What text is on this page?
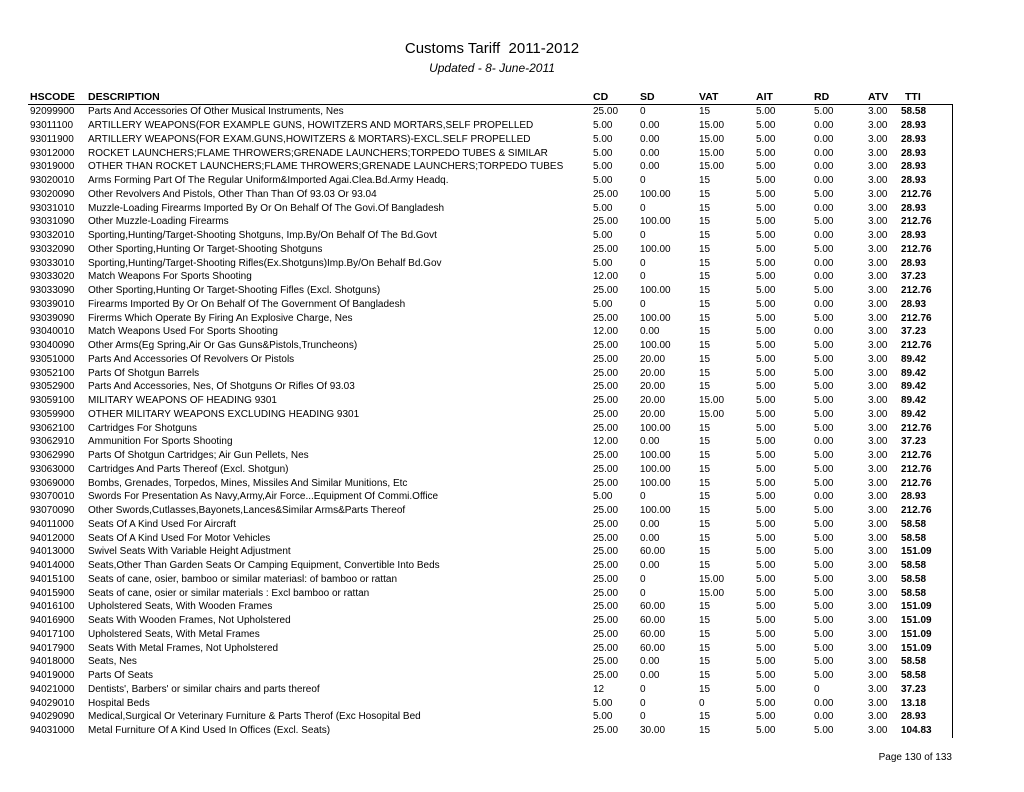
Customs Tariff  2011-2012
Updated - 8- June-2011
HSCODE	DESCRIPTION	CD	SD	VAT	AIT	RD	ATV	TTI
92099900	Parts And Accessories Of Other Musical Instruments, Nes	25.00	0	15	5.00	5.00	3.00	58.58
93011100	ARTILLERY WEAPONS(FOR EXAMPLE GUNS, HOWITZERS AND MORTARS,SELF PROPELLED	5.00	0.00	15.00	5.00	0.00	3.00	28.93
93011900	ARTILLERY WEAPONS(FOR EXAM.GUNS,HOWITZERS & MORTARS)-EXCL.SELF PROPELLED	5.00	0.00	15.00	5.00	0.00	3.00	28.93
93012000	ROCKET LAUNCHERS;FLAME THROWERS;GRENADE LAUNCHERS;TORPEDO TUBES & SIMILAR	5.00	0.00	15.00	5.00	0.00	3.00	28.93
93019000	OTHER THAN ROCKET LAUNCHERS;FLAME THROWERS;GRENADE LAUNCHERS;TORPEDO TUBES	5.00	0.00	15.00	5.00	0.00	3.00	28.93
93020010	Arms Forming Part Of The Regular Uniform&Imported Agai.Clea.Bd.Army Headq.	5.00	0	15	5.00	0.00	3.00	28.93
93020090	Other Revolvers And Pistols, Other Than Than Of 93.03 Or 93.04	25.00	100.00	15	5.00	5.00	3.00	212.76
93031010	Muzzle-Loading Firearms Imported By Or On Behalf Of The Govi.Of Bangladesh	5.00	0	15	5.00	0.00	3.00	28.93
93031090	Other Muzzle-Loading Firearms	25.00	100.00	15	5.00	5.00	3.00	212.76
93032010	Sporting,Hunting/Target-Shooting Shotguns, Imp.By/On Behalf Of The Bd.Govt	5.00	0	15	5.00	0.00	3.00	28.93
93032090	Other Sporting,Hunting Or Target-Shooting Shotguns	25.00	100.00	15	5.00	5.00	3.00	212.76
93033010	Sporting,Hunting/Target-Shooting Rifles(Ex.Shotguns)Imp.By/On Behalf Bd.Gov	5.00	0	15	5.00	0.00	3.00	28.93
93033020	Match Weapons For Sports Shooting	12.00	0	15	5.00	0.00	3.00	37.23
93033090	Other Sporting,Hunting Or Target-Shooting Fifles (Excl. Shotguns)	25.00	100.00	15	5.00	5.00	3.00	212.76
93039010	Firearms Imported By Or On Behalf Of The Government Of Bangladesh	5.00	0	15	5.00	0.00	3.00	28.93
93039090	Firerms Which Operate By Firing An Explosive Charge, Nes	25.00	100.00	15	5.00	5.00	3.00	212.76
93040010	Match Weapons Used For Sports Shooting	12.00	0.00	15	5.00	0.00	3.00	37.23
93040090	Other Arms(Eg Spring,Air Or Gas Guns&Pistols,Truncheons)	25.00	100.00	15	5.00	5.00	3.00	212.76
93051000	Parts And Accessories Of Revolvers Or Pistols	25.00	20.00	15	5.00	5.00	3.00	89.42
93052100	Parts Of Shotgun Barrels	25.00	20.00	15	5.00	5.00	3.00	89.42
93052900	Parts And Accessories, Nes, Of Shotguns Or Rifles Of 93.03	25.00	20.00	15	5.00	5.00	3.00	89.42
93059100	MILITARY WEAPONS OF HEADING 9301	25.00	20.00	15.00	5.00	5.00	3.00	89.42
93059900	OTHER MILITARY WEAPONS EXCLUDING HEADING 9301	25.00	20.00	15.00	5.00	5.00	3.00	89.42
93062100	Cartridges For Shotguns	25.00	100.00	15	5.00	5.00	3.00	212.76
93062910	Ammunition For Sports Shooting	12.00	0.00	15	5.00	0.00	3.00	37.23
93062990	Parts Of Shotgun Cartridges; Air Gun Pellets, Nes	25.00	100.00	15	5.00	5.00	3.00	212.76
93063000	Cartridges And Parts Thereof (Excl. Shotgun)	25.00	100.00	15	5.00	5.00	3.00	212.76
93069000	Bombs, Grenades, Torpedos, Mines, Missiles And Similar Munitions, Etc	25.00	100.00	15	5.00	5.00	3.00	212.76
93070010	Swords For Presentation As Navy,Army,Air Force...Equipment Of Commi.Office	5.00	0	15	5.00	0.00	3.00	28.93
93070090	Other Swords,Cutlasses,Bayonets,Lances&Similar Arms&Parts Thereof	25.00	100.00	15	5.00	5.00	3.00	212.76
94011000	Seats Of A Kind Used For Aircraft	25.00	0.00	15	5.00	5.00	3.00	58.58
94012000	Seats Of A Kind Used For Motor Vehicles	25.00	0.00	15	5.00	5.00	3.00	58.58
94013000	Swivel Seats With Variable Height Adjustment	25.00	60.00	15	5.00	5.00	3.00	151.09
94014000	Seats,Other Than Garden Seats Or Camping Equipment, Convertible Into Beds	25.00	0.00	15	5.00	5.00	3.00	58.58
94015100	Seats of cane, osier, bamboo or similar materiasl: of bamboo or rattan	25.00	0	15.00	5.00	5.00	3.00	58.58
94015900	Seats of cane, osier or similar materials : Excl bamboo or rattan	25.00	0	15.00	5.00	5.00	3.00	58.58
94016100	Upholstered Seats, With Wooden Frames	25.00	60.00	15	5.00	5.00	3.00	151.09
94016900	Seats With Wooden Frames, Not Upholstered	25.00	60.00	15	5.00	5.00	3.00	151.09
94017100	Upholstered Seats, With Metal Frames	25.00	60.00	15	5.00	5.00	3.00	151.09
94017900	Seats With Metal Frames, Not Upholstered	25.00	60.00	15	5.00	5.00	3.00	151.09
94018000	Seats, Nes	25.00	0.00	15	5.00	5.00	3.00	58.58
94019000	Parts Of Seats	25.00	0.00	15	5.00	5.00	3.00	58.58
94021000	Dentists', Barbers' or similar chairs and parts thereof	12	0	15	5.00	0	3.00	37.23
94029010	Hospital Beds	5.00	0	0	5.00	0.00	3.00	13.18
94029090	Medical,Surgical Or Veterinary Furniture & Parts Therof (Exc Hosopital Bed	5.00	0	15	5.00	0.00	3.00	28.93
94031000	Metal Furniture Of A Kind Used In Offices (Excl. Seats)	25.00	30.00	15	5.00	5.00	3.00	104.83
Page 130 of 133
